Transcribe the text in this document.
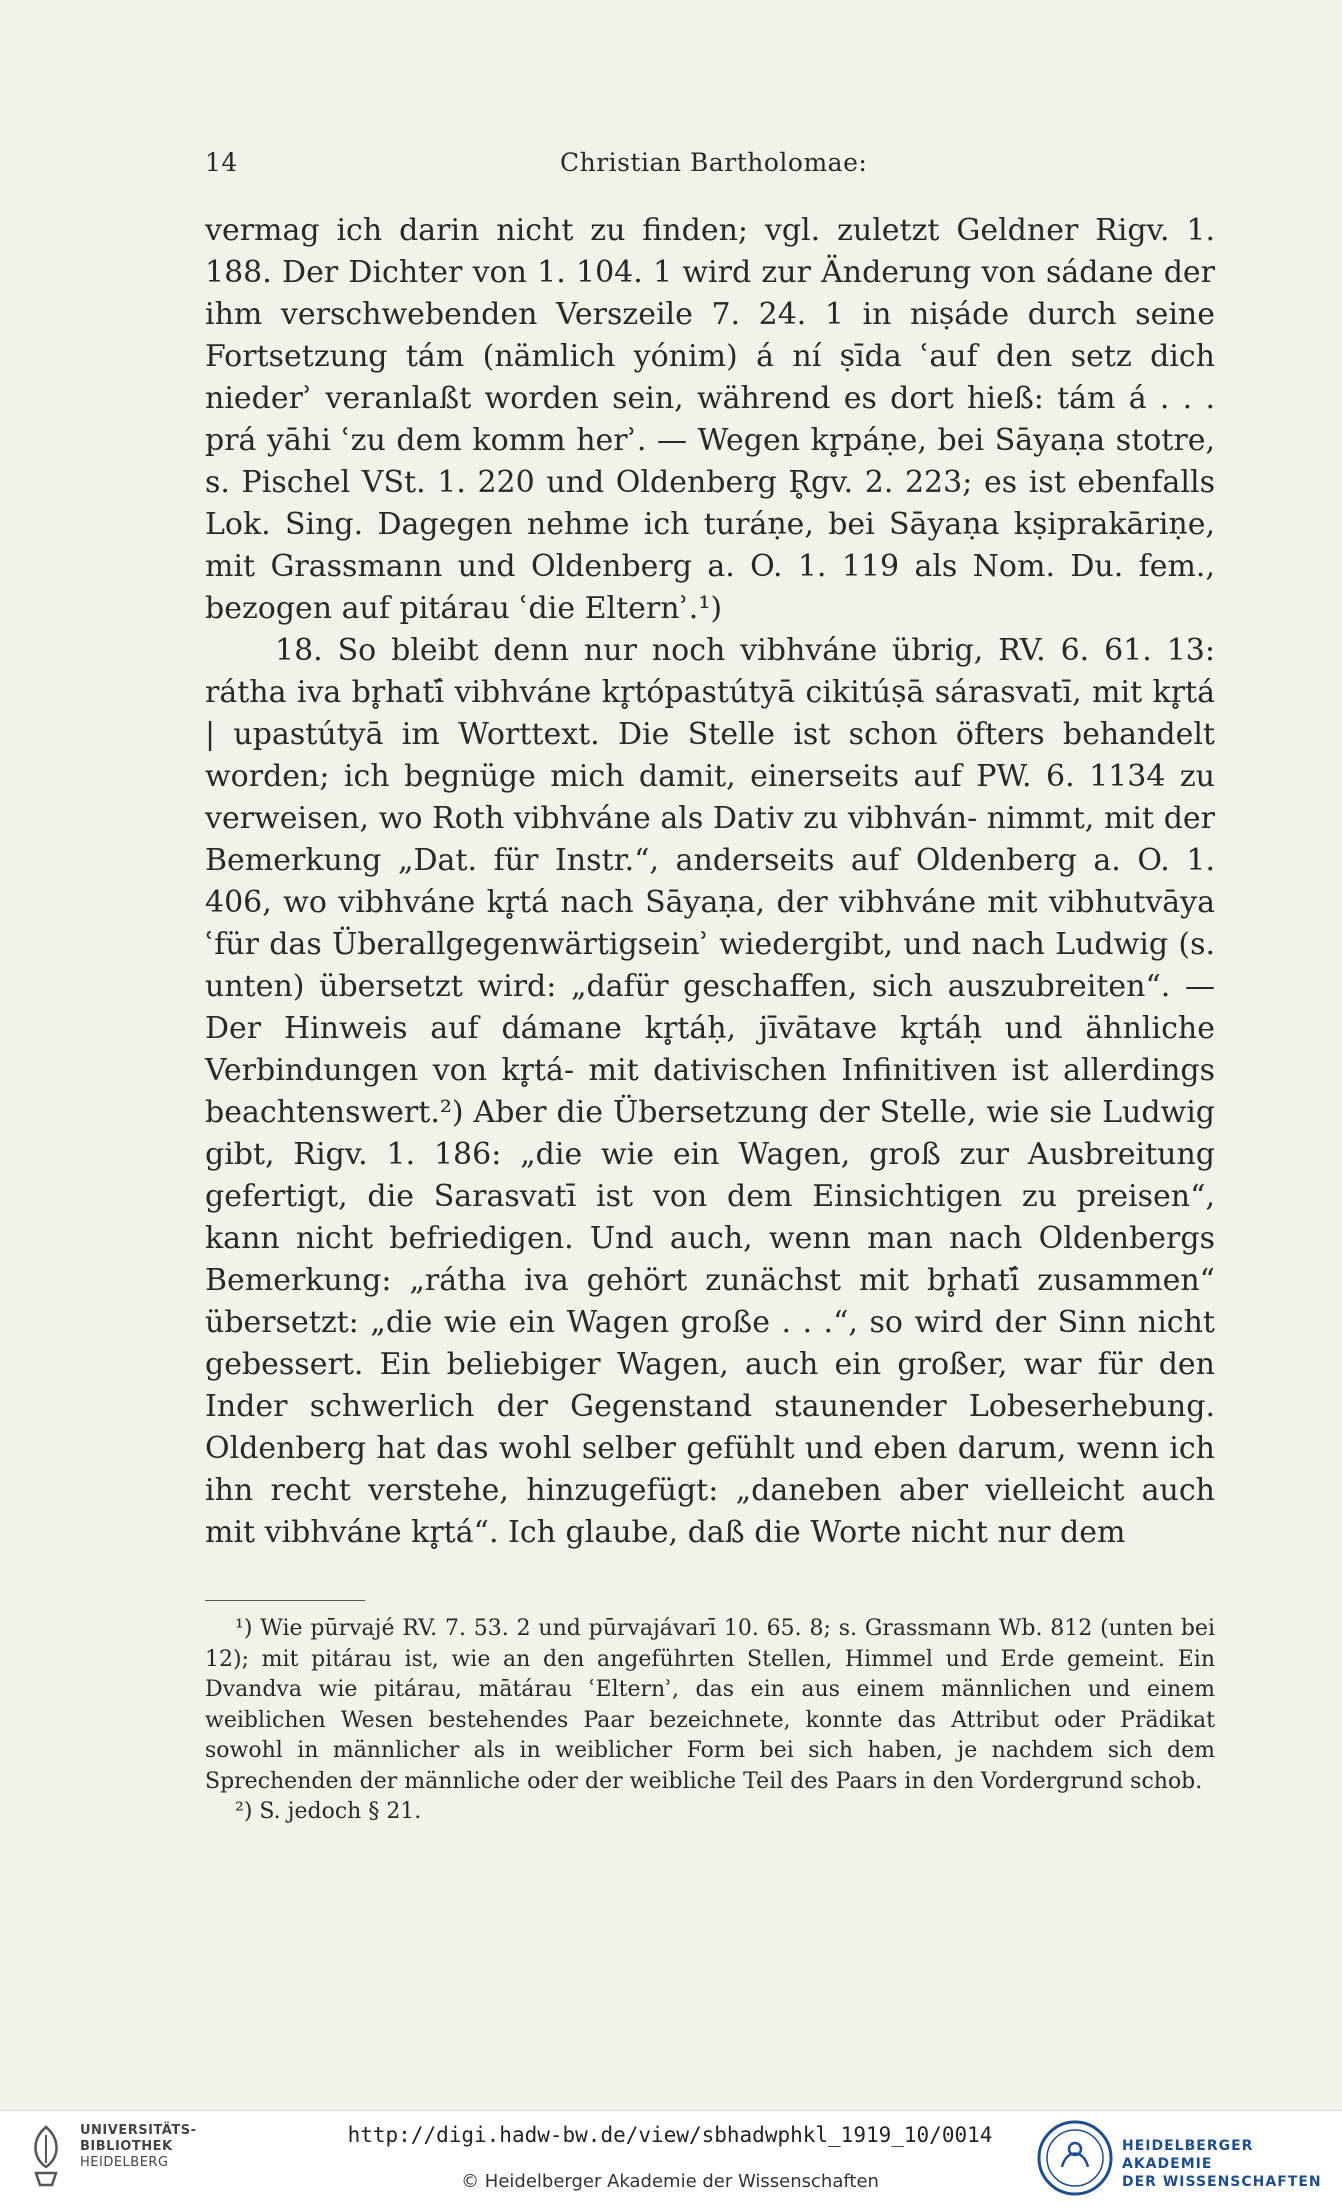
14	Christian Bartholomae:

vermag ich darin nicht zu finden; vgl. zuletzt Geldner Rigv. 1. 188. Der Dichter von 1. 104. 1 wird zur Änderung von sádane der ihm verschwebenden Verszeile 7. 24. 1 in niṣáde durch seine Fortsetzung tám (nämlich yónim) á ní ṣīda ʿauf den setz dich niederʾ veranlaßt worden sein, während es dort hieß: tám á . . . prá yāhi ʿzu dem komm herʾ. — Wegen kr̥páṇe, bei Sāyaṇa stotre, s. Pischel VSt. 1. 220 und Oldenberg R̥gv. 2. 223; es ist ebenfalls Lok. Sing. Dagegen nehme ich turáṇe, bei Sāyaṇa kṣiprakāriṇe, mit Grassmann und Oldenberg a. O. 1. 119 als Nom. Du. fem., bezogen auf pitárau ʿdie Elternʾ.¹)

18. So bleibt denn nur noch vibhváne übrig, RV. 6. 61. 13: rátha iva br̥hatī́ vibhváne kr̥tópastútyā cikitúṣā sárasvatī, mit kr̥tá | upastútyā im Worttext. Die Stelle ist schon öfters behandelt worden; ich begnüge mich damit, einerseits auf PW. 6. 1134 zu verweisen, wo Roth vibhváne als Dativ zu vibhván- nimmt, mit der Bemerkung „Dat. für Instr.“, anderseits auf Oldenberg a. O. 1. 406, wo vibhváne kr̥tá nach Sāyaṇa, der vibhváne mit vibhutvāya ʿfür das Überallgegenwärtigseinʾ wiedergibt, und nach Ludwig (s. unten) übersetzt wird: „dafür geschaffen, sich auszubreiten“. — Der Hinweis auf dámane kr̥táḥ, jīvātave kr̥táḥ und ähnliche Verbindungen von kr̥tá- mit dativischen Infinitiven ist allerdings beachtenswert.²) Aber die Übersetzung der Stelle, wie sie Ludwig gibt, Rigv. 1. 186: „die wie ein Wagen, groß zur Ausbreitung gefertigt, die Sarasvatī ist von dem Einsichtigen zu preisen“, kann nicht befriedigen. Und auch, wenn man nach Oldenbergs Bemerkung: „rátha iva gehört zunächst mit br̥hatī́ zusammen“ übersetzt: „die wie ein Wagen große . . .“, so wird der Sinn nicht gebessert. Ein beliebiger Wagen, auch ein großer, war für den Inder schwerlich der Gegenstand staunender Lobeserhebung. Oldenberg hat das wohl selber gefühlt und eben darum, wenn ich ihn recht verstehe, hinzugefügt: „daneben aber vielleicht auch mit vibhváne kr̥tá“. Ich glaube, daß die Worte nicht nur dem

¹) Wie pūrvajé RV. 7. 53. 2 und pūrvajávarī 10. 65. 8; s. Grassmann Wb. 812 (unten bei 12); mit pitárau ist, wie an den angeführten Stellen, Himmel und Erde gemeint. Ein Dvandva wie pitárau, mātárau ʿElternʾ, das ein aus einem männlichen und einem weiblichen Wesen bestehendes Paar bezeichnete, konnte das Attribut oder Prädikat sowohl in männlicher als in weiblicher Form bei sich haben, je nachdem sich dem Sprechenden der männliche oder der weibliche Teil des Paars in den Vordergrund schob.

²) S. jedoch § 21.

UNIVERSITÄTS-
BIBLIOTHEK
HEIDELBERG
http://digi.hadw-bw.de/view/sbhadwphkl_1919_10/0014
© Heidelberger Akademie der Wissenschaften
HEIDELBERGER AKADEMIE
DER WISSENSCHAFTEN
